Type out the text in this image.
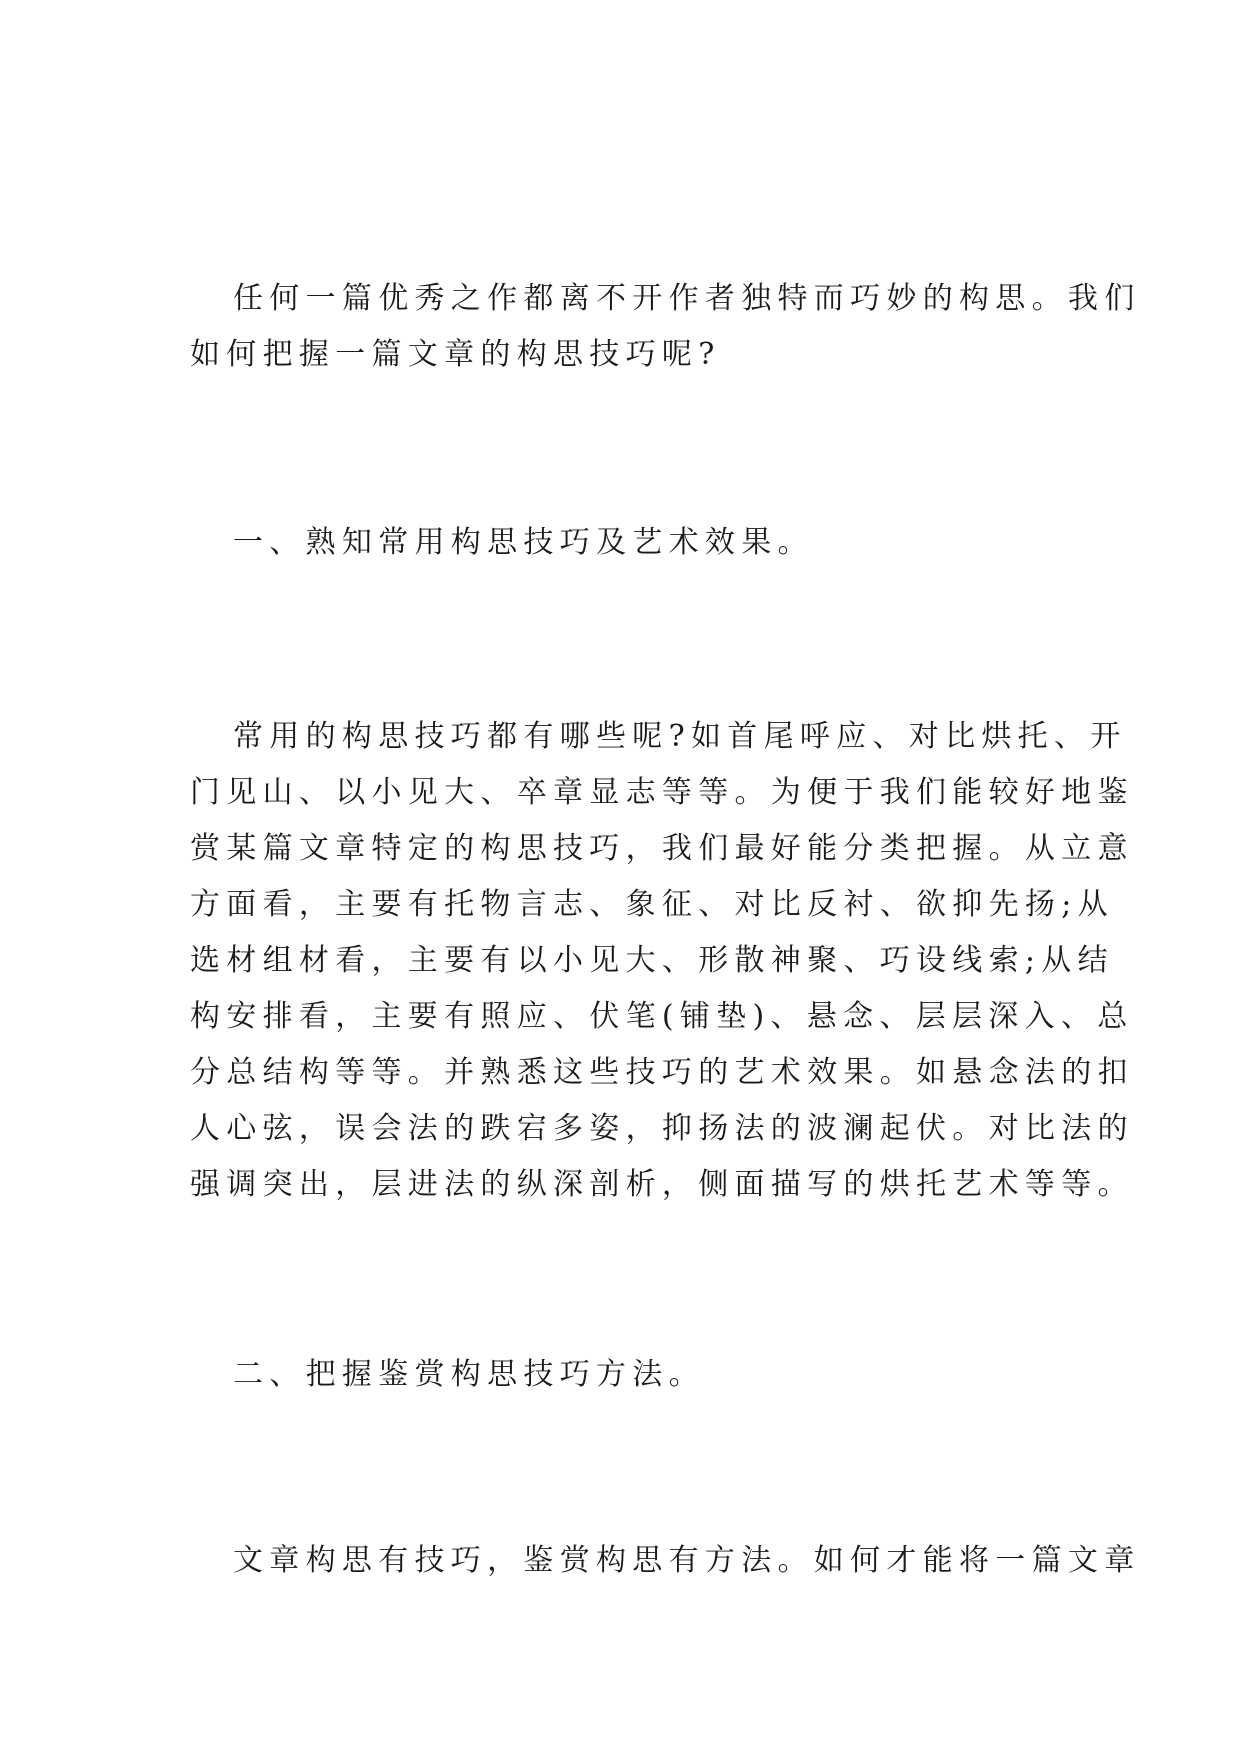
任何一篇优秀之作都离不开作者独特而巧妙的构思。我们
如何把握一篇文章的构思技巧呢?

一、熟知常用构思技巧及艺术效果。

常用的构思技巧都有哪些呢?如首尾呼应、对比烘托、开
门见山、以小见大、卒章显志等等。为便于我们能较好地鉴
赏某篇文章特定的构思技巧，我们最好能分类把握。从立意
方面看，主要有托物言志、象征、对比反衬、欲抑先扬;从
选材组材看，主要有以小见大、形散神聚、巧设线索;从结
构安排看，主要有照应、伏笔(铺垫)、悬念、层层深入、总
分总结构等等。并熟悉这些技巧的艺术效果。如悬念法的扣
人心弦，误会法的跌宕多姿，抑扬法的波澜起伏。对比法的
强调突出，层进法的纵深剖析，侧面描写的烘托艺术等等。

二、把握鉴赏构思技巧方法。

文章构思有技巧，鉴赏构思有方法。如何才能将一篇文章
